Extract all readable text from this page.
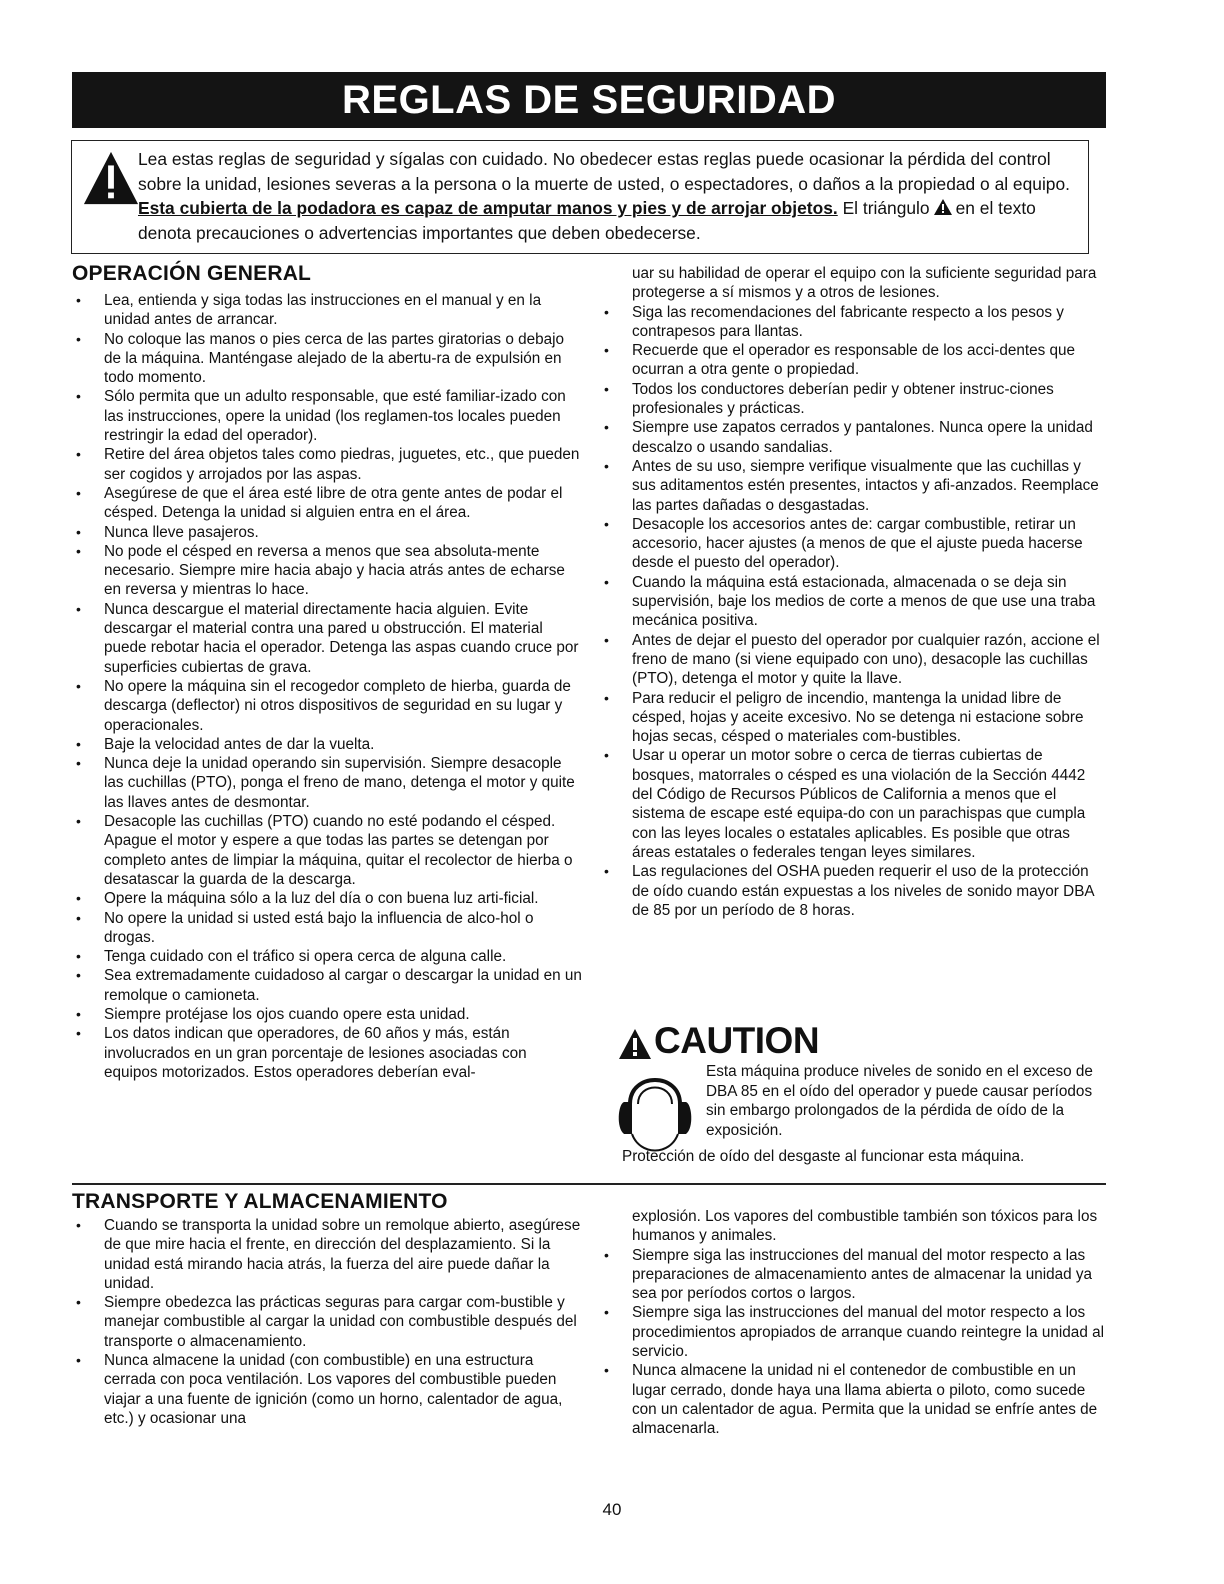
REGLAS DE SEGURIDAD
Lea estas reglas de seguridad y sígalas con cuidado. No obedecer estas reglas puede ocasionar la pérdida del control sobre la unidad, lesiones severas a la persona o la muerte de usted, o espectadores, o daños a la propiedad o al equipo. Esta cubierta de la podadora es capaz de amputar manos y pies y de arrojar objetos. El triángulo en el texto denota precauciones o advertencias importantes que deben obedecerse.
OPERACIÓN GENERAL
• Lea, entienda y siga todas las instrucciones en el manual y en la unidad antes de arrancar.
• No coloque las manos o pies cerca de las partes giratorias o debajo de la máquina. Manténgase alejado de la abertu-ra de expulsión en todo momento.
• Sólo permita que un adulto responsable, que esté familiar-izado con las instrucciones, opere la unidad (los reglamen-tos locales pueden restringir la edad del operador).
• Retire del área objetos tales como piedras, juguetes, etc., que pueden ser cogidos y arrojados por las aspas.
• Asegúrese de que el área esté libre de otra gente antes de podar el césped. Detenga la unidad si alguien entra en el área.
• Nunca lleve pasajeros.
• No pode el césped en reversa a menos que sea absoluta-mente necesario. Siempre mire hacia abajo y hacia atrás antes de echarse en reversa y mientras lo hace.
• Nunca descargue el material directamente hacia alguien. Evite descargar el material contra una pared u obstrucción. El material puede rebotar hacia el operador. Detenga las aspas cuando cruce por superficies cubiertas de grava.
• No opere la máquina sin el recogedor completo de hierba, guarda de descarga (deflector) ni otros dispositivos de seguridad en su lugar y operacionales.
• Baje la velocidad antes de dar la vuelta.
• Nunca deje la unidad operando sin supervisión. Siempre desacople las cuchillas (PTO), ponga el freno de mano, detenga el motor y quite las llaves antes de desmontar.
• Desacople las cuchillas (PTO) cuando no esté podando el césped. Apague el motor y espere a que todas las partes se detengan por completo antes de limpiar la máquina, quitar el recolector de hierba o desatascar la guarda de la descarga.
• Opere la máquina sólo a la luz del día o con buena luz arti-ficial.
• No opere la unidad si usted está bajo la influencia de alco-hol o drogas.
• Tenga cuidado con el tráfico si opera cerca de alguna calle.
• Sea extremadamente cuidadoso al cargar o descargar la unidad en un remolque o camioneta.
• Siempre protéjase los ojos cuando opere esta unidad.
• Los datos indican que operadores, de 60 años y más, están involucrados en un gran porcentaje de lesiones asociadas con equipos motorizados. Estos operadores deberían eval-
uar su habilidad de operar el equipo con la suficiente seguridad para protegerse a sí mismos y a otros de lesiones.
• Siga las recomendaciones del fabricante respecto a los pesos y contrapesos para llantas.
• Recuerde que el operador es responsable de los acci-dentes que ocurran a otra gente o propiedad.
• Todos los conductores deberían pedir y obtener instruc-ciones profesionales y prácticas.
• Siempre use zapatos cerrados y pantalones. Nunca opere la unidad descalzo o usando sandalias.
• Antes de su uso, siempre verifique visualmente que las cuchillas y sus aditamentos estén presentes, intactos y afi-anzados. Reemplace las partes dañadas o desgastadas.
• Desacople los accesorios antes de: cargar combustible, retirar un accesorio, hacer ajustes (a menos de que el ajuste pueda hacerse desde el puesto del operador).
• Cuando la máquina está estacionada, almacenada o se deja sin supervisión, baje los medios de corte a menos de que use una traba mecánica positiva.
• Antes de dejar el puesto del operador por cualquier razón, accione el freno de mano (si viene equipado con uno), desacople las cuchillas (PTO), detenga el motor y quite la llave.
• Para reducir el peligro de incendio, mantenga la unidad libre de césped, hojas y aceite excesivo. No se detenga ni estacione sobre hojas secas, césped o materiales com-bustibles.
• Usar u operar un motor sobre o cerca de tierras cubiertas de bosques, matorrales o césped es una violación de la Sección 4442 del Código de Recursos Públicos de California a menos que el sistema de escape esté equipa-do con un parachispas que cumpla con las leyes locales o estatales aplicables. Es posible que otras áreas estatales o federales tengan leyes similares.
• Las regulaciones del OSHA pueden requerir el uso de la protección de oído cuando están expuestas a los niveles de sonido mayor DBA de 85 por un período de 8 horas.
CAUTION
Esta máquina produce niveles de sonido en el exceso de DBA 85 en el oído del operador y puede causar períodos sin embargo prolongados de la pérdida de oído de la exposición.
Protección de oído del desgaste al funcionar esta máquina.
TRANSPORTE Y ALMACENAMIENTO
• Cuando se transporta la unidad sobre un remolque abierto, asegúrese de que mire hacia el frente, en dirección del desplazamiento. Si la unidad está mirando hacia atrás, la fuerza del aire puede dañar la unidad.
• Siempre obedezca las prácticas seguras para cargar com-bustible y manejar combustible al cargar la unidad con combustible después del transporte o almacenamiento.
• Nunca almacene la unidad (con combustible) en una estructura cerrada con poca ventilación. Los vapores del combustible pueden viajar a una fuente de ignición (como un horno, calentador de agua, etc.) y ocasionar una
explosión. Los vapores del combustible también son tóxicos para los humanos y animales.
• Siempre siga las instrucciones del manual del motor respecto a las preparaciones de almacenamiento antes de almacenar la unidad ya sea por períodos cortos o largos.
• Siempre siga las instrucciones del manual del motor respecto a los procedimientos apropiados de arranque cuando reintegre la unidad al servicio.
• Nunca almacene la unidad ni el contenedor de combustible en un lugar cerrado, donde haya una llama abierta o piloto, como sucede con un calentador de agua. Permita que la unidad se enfríe antes de almacenarla.
40
